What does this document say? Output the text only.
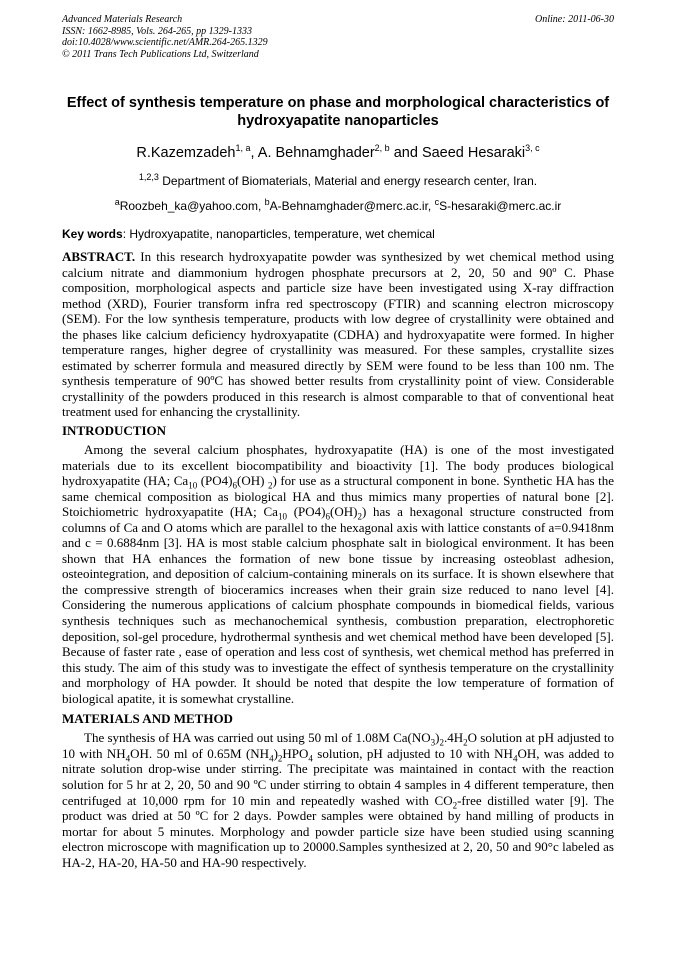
Advanced Materials Research
ISSN: 1662-8985, Vols. 264-265, pp 1329-1333
doi:10.4028/www.scientific.net/AMR.264-265.1329
© 2011 Trans Tech Publications Ltd, Switzerland
Online: 2011-06-30
Effect of synthesis temperature on phase and morphological characteristics of hydroxyapatite nanoparticles
R.Kazemzadeh$^{1, a}$, A. Behnamghader$^{2, b}$ and Saeed Hesaraki$^{3, c}$
$^{1,2,3}$ Department of Biomaterials, Material and energy research center, Iran.
$^a$Roozbeh_ka@yahoo.com, $^b$A-Behnamghader@merc.ac.ir, $^c$S-hesaraki@merc.ac.ir
Key words: Hydroxyapatite, nanoparticles, temperature, wet chemical

ABSTRACT. In this research hydroxyapatite powder was synthesized by wet chemical method using calcium nitrate and diammonium hydrogen phosphate precursors at 2, 20, 50 and 90º C. Phase composition, morphological aspects and particle size have been investigated using X-ray diffraction method (XRD), Fourier transform infra red spectroscopy (FTIR) and scanning electron microscopy (SEM). For the low synthesis temperature, products with low degree of crystallinity were obtained and the phases like calcium deficiency hydroxyapatite (CDHA) and hydroxyapatite were formed. In higher temperature ranges, higher degree of crystallinity was measured. For these samples, crystallite sizes estimated by scherrer formula and measured directly by SEM were found to be less than 100 nm. The synthesis temperature of 90ºC has showed better results from crystallinity point of view. Considerable crystallinity of the powders produced in this research is almost comparable to that of conventional heat treatment used for enhancing the crystallinity.

INTRODUCTION

Among the several calcium phosphates, hydroxyapatite (HA) is one of the most investigated materials due to its excellent biocompatibility and bioactivity [1]. The body produces biological hydroxyapatite (HA; $Ca_{10}$ $(PO4)_6(OH)$ $_2$) for use as a structural component in bone. Synthetic HA has the same chemical composition as biological HA and thus mimics many properties of natural bone [2]. Stoichiometric hydroxyapatite (HA; $Ca_{10}$ $(PO4)_6(OH)_2$) has a hexagonal structure constructed from columns of Ca and O atoms which are parallel to the hexagonal axis with lattice constants of a=0.9418nm and c = 0.6884nm [3]. HA is most stable calcium phosphate salt in biological environment. It has been shown that HA enhances the formation of new bone tissue by increasing osteoblast adhesion, osteointegration, and deposition of calcium-containing minerals on its surface. It is shown elsewhere that the compressive strength of bioceramics increases when their grain size reduced to nano level [4]. Considering the numerous applications of calcium phosphate compounds in biomedical fields, various synthesis techniques such as mechanochemical synthesis, combustion preparation, electrophoretic deposition, sol-gel procedure, hydrothermal synthesis and wet chemical method have been developed [5]. Because of faster rate , ease of operation and less cost of synthesis, wet chemical method has preferred in this study. The aim of this study was to investigate the effect of synthesis temperature on the crystallinity and morphology of HA powder. It should be noted that despite the low temperature of formation of biological apatite, it is somewhat crystalline.

MATERIALS AND METHOD

The synthesis of HA was carried out using 50 ml of 1.08M $Ca(NO_3)_2.4H_2O$ solution at pH adjusted to 10 with $NH_4OH$. 50 ml of 0.65M $(NH_4)_2HPO_4$ solution, pH adjusted to 10 with $NH_4OH$, was added to nitrate solution drop-wise under stirring. The precipitate was maintained in contact with the reaction solution for 5 hr at 2, 20, 50 and 90 ºC under stirring to obtain 4 samples in 4 different temperature, then centrifuged at 10,000 rpm for 10 min and repeatedly washed with $CO_2$-free distilled water [9]. The product was dried at 50 ºC for 2 days. Powder samples were obtained by hand milling of products in mortar for about 5 minutes. Morphology and powder particle size have been studied using scanning electron microscope with magnification up to 20000.Samples synthesized at 2, 20, 50 and 90°c labeled as HA-2, HA-20, HA-50 and HA-90 respectively.
